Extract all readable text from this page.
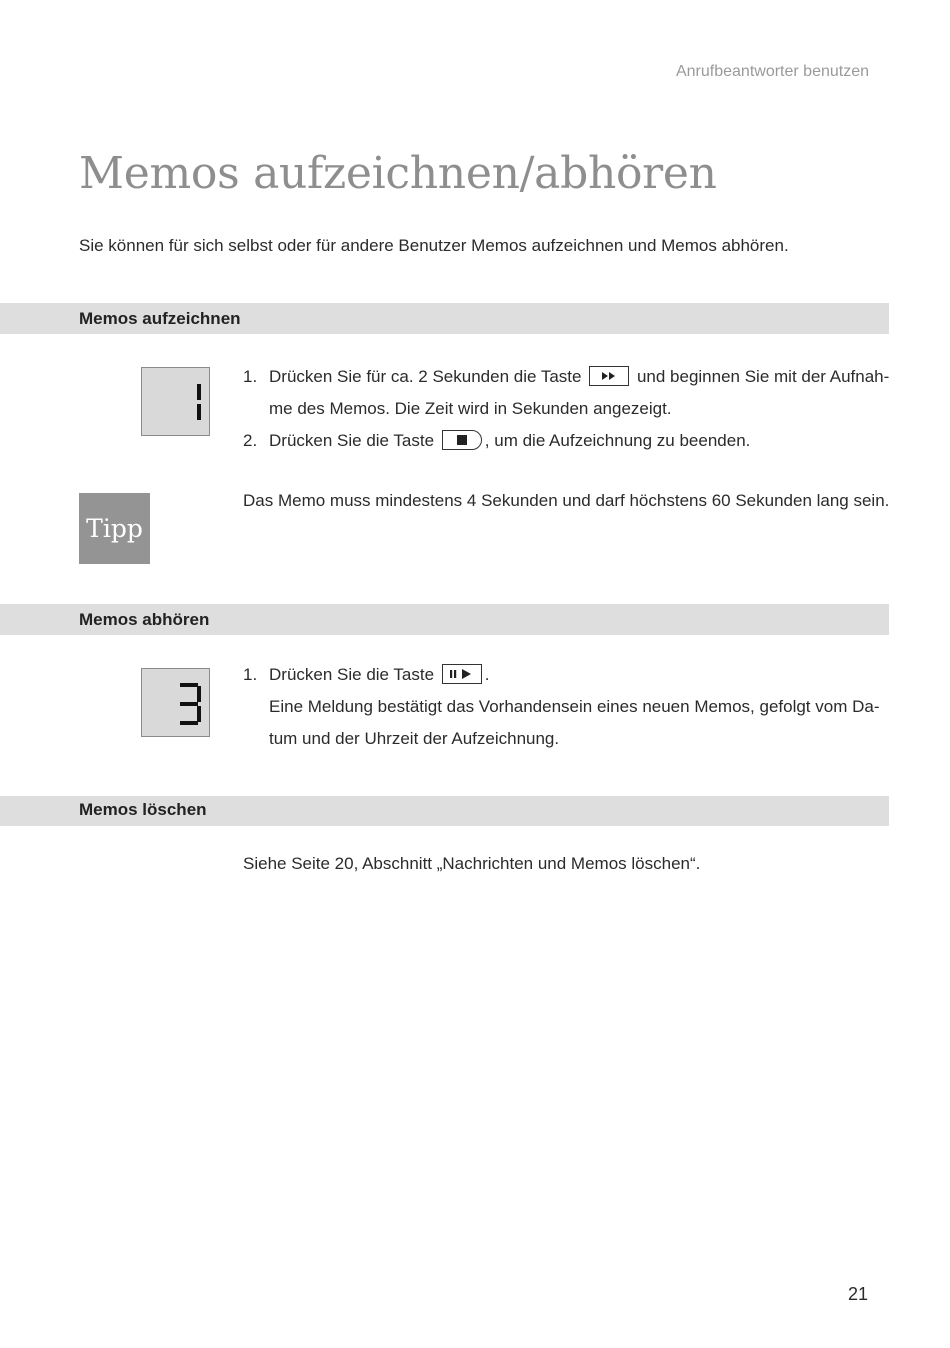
Anrufbeantworter benutzen
Memos aufzeichnen/abhören

Sie können für sich selbst oder für andere Benutzer Memos aufzeichnen und Memos abhören.

Memos aufzeichnen
1. Drücken Sie für ca. 2 Sekunden die Taste	und beginnen Sie mit der Aufnah-
me des Memos. Die Zeit wird in Sekunden angezeigt.
2. Drücken Sie die Taste	, um die Aufzeichnung zu beenden.
Tipp
Das Memo muss mindestens 4 Sekunden und darf höchstens 60 Sekunden lang sein.
Memos abhören
1. Drücken Sie die Taste	.
Eine Meldung bestätigt das Vorhandensein eines neuen Memos, gefolgt vom Da-
tum und der Uhrzeit der Aufzeichnung.
Memos löschen
Siehe Seite 20, Abschnitt „Nachrichten und Memos löschen“.
21
